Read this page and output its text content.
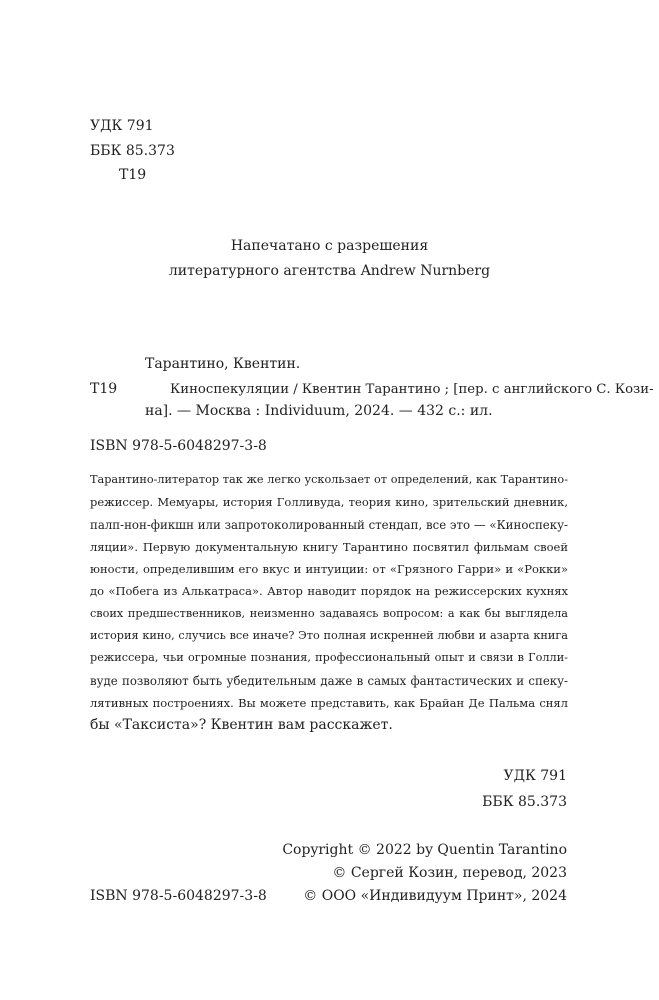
УДК 791
ББК 85.373
Т19
Напечатано с разрешения
литературного агентства Andrew Nurnberg
Тарантино, Квентин.
Т19	Киноспекуляции / Квентин Тарантино ; [пер. с английского С. Кози-
на]. — Москва : Individuum, 2024. — 432 с.: ил.
ISBN 978-5-6048297-3-8
Тарантино-литератор так же легко ускользает от определений, как Тарантино-
режиссер. Мемуары, история Голливуда, теория кино, зрительский дневник,
палп-нон-фикшн или запротоколированный стендап, все это — «Киноспеку-
ляции». Первую документальную книгу Тарантино посвятил фильмам своей
юности, определившим его вкус и интуиции: от «Грязного Гарри» и «Рокки»
до «Побега из Алькатраса». Автор наводит порядок на режиссерских кухнях
своих предшественников, неизменно задаваясь вопросом: а как бы выглядела
история кино, случись все иначе? Это полная искренней любви и азарта книга
режиссера, чьи огромные познания, профессиональный опыт и связи в Голли-
вуде позволяют быть убедительным даже в самых фантастических и спеку-
лятивных построениях. Вы можете представить, как Брайан Де Пальма снял
бы «Таксиста»? Квентин вам расскажет.
УДК 791
ББК 85.373
Copyright © 2022 by Quentin Tarantino
© Сергей Козин, перевод, 2023
© ООО «Индивидуум Принт», 2024
ISBN 978-5-6048297-3-8
